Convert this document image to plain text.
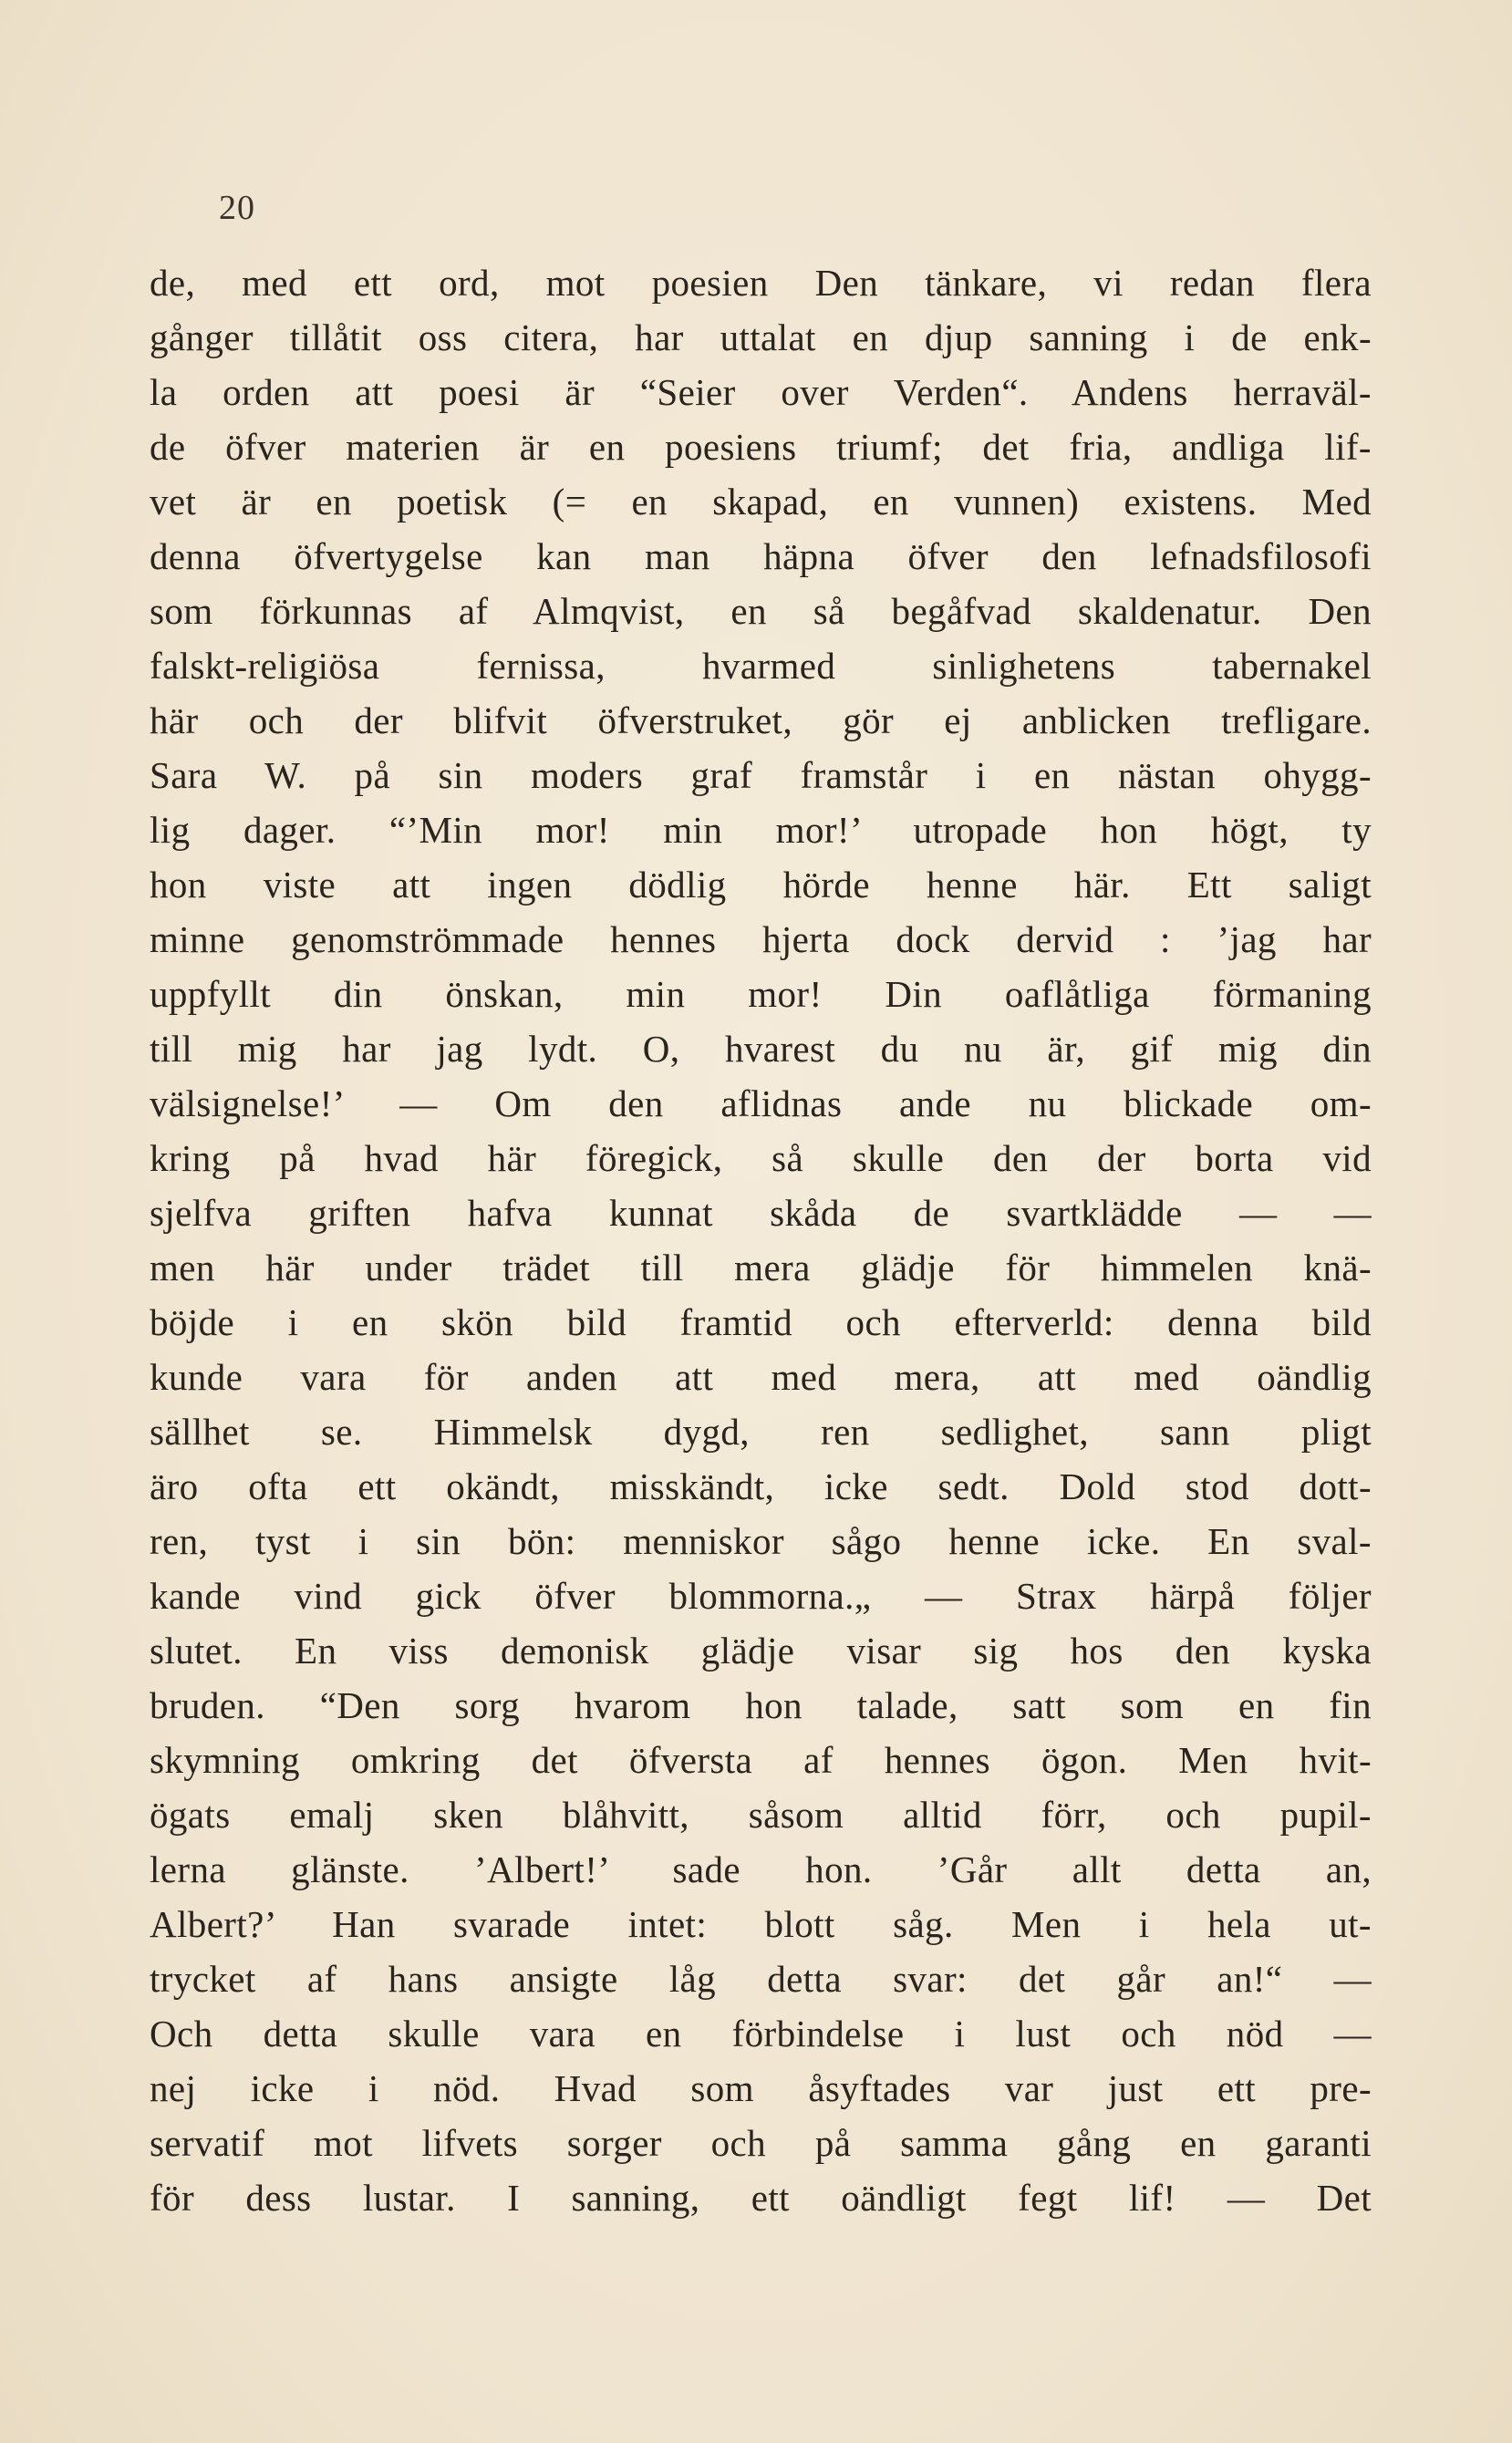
20
de, med ett ord, mot poesien Den tänkare, vi redan flera
gånger tillåtit oss citera, har uttalat en djup sanning i de enk-
la orden att poesi är “Seier over Verden“. Andens herraväl-
de öfver materien är en poesiens triumf; det fria, andliga lif-
vet är en poetisk (= en skapad, en vunnen) existens. Med
denna öfvertygelse kan man häpna öfver den lefnadsfilosofi
som förkunnas af Almqvist, en så begåfvad skaldenatur. Den
falskt-religiösa fernissa, hvarmed sinlighetens tabernakel
här och der blifvit öfverstruket, gör ej anblicken trefligare.
Sara W. på sin moders graf framstår i en nästan ohygg-
lig dager. “’Min mor! min mor!’ utropade hon högt, ty
hon viste att ingen dödlig hörde henne här. Ett saligt
minne genomströmmade hennes hjerta dock dervid : ’jag har
uppfyllt din önskan, min mor! Din oaflåtliga förmaning
till mig har jag lydt. O, hvarest du nu är, gif mig din
välsignelse!’ — Om den aflidnas ande nu blickade om-
kring på hvad här föregick, så skulle den der borta vid
sjelfva griften hafva kunnat skåda de svartklädde — —
men här under trädet till mera glädje för himmelen knä-
böjde i en skön bild framtid och efterverld: denna bild
kunde vara för anden att med mera, att med oändlig
sällhet se. Himmelsk dygd, ren sedlighet, sann pligt
äro ofta ett okändt, misskändt, icke sedt. Dold stod dott-
ren, tyst i sin bön: menniskor sågo henne icke. En sval-
kande vind gick öfver blommorna.„ — Strax härpå följer
slutet. En viss demonisk glädje visar sig hos den kyska
bruden. “Den sorg hvarom hon talade, satt som en fin
skymning omkring det öfversta af hennes ögon. Men hvit-
ögats emalj sken blåhvitt, såsom alltid förr, och pupil-
lerna glänste. ’Albert!’ sade hon. ’Går allt detta an,
Albert?’ Han svarade intet: blott såg. Men i hela ut-
trycket af hans ansigte låg detta svar: det går an!“ —
Och detta skulle vara en förbindelse i lust och nöd —
nej icke i nöd. Hvad som åsyftades var just ett pre-
servatif mot lifvets sorger och på samma gång en garanti
för dess lustar. I sanning, ett oändligt fegt lif! — Det
